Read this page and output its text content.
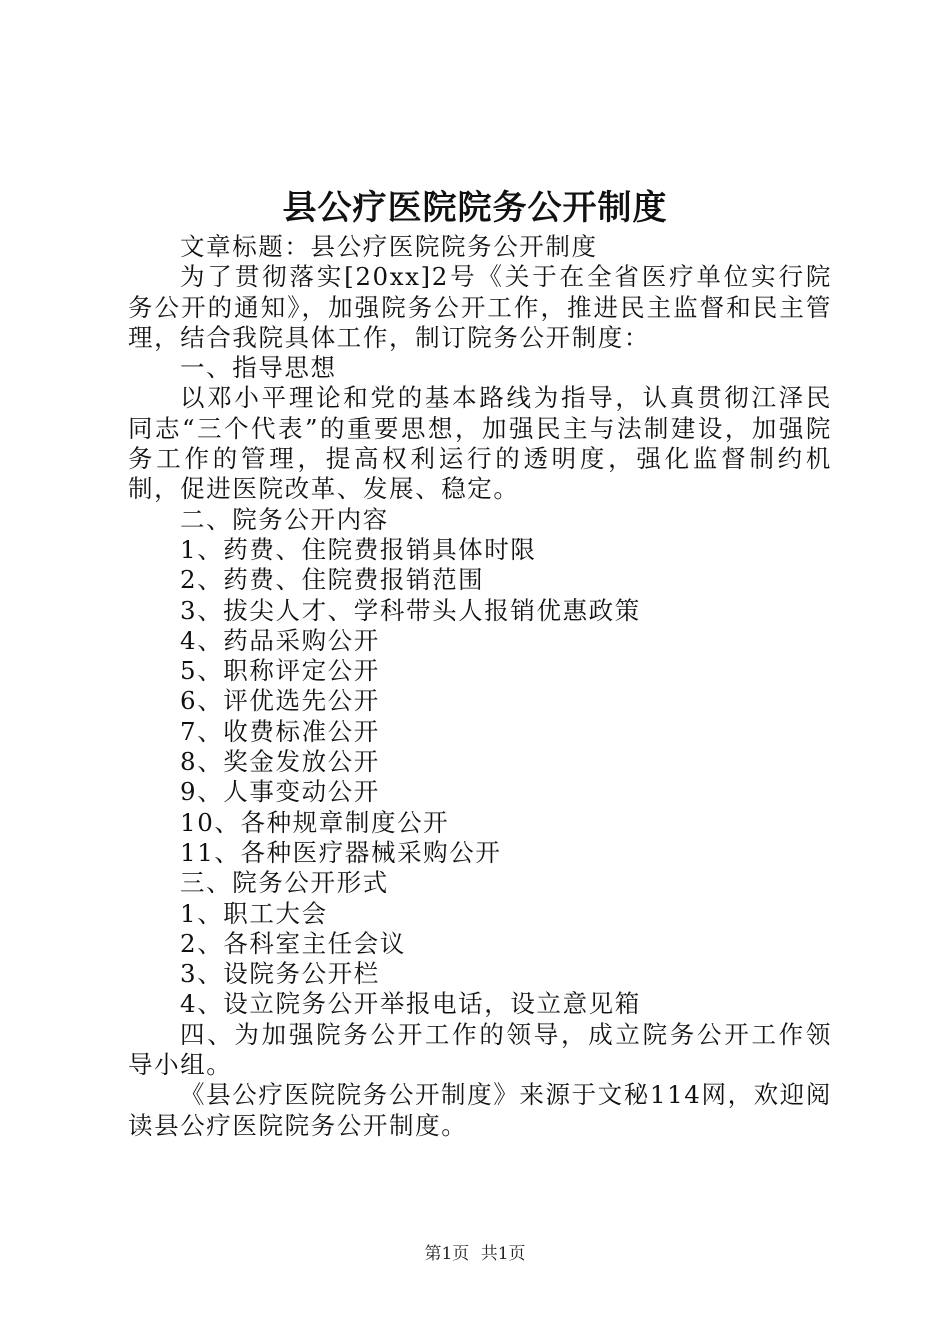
县公疗医院院务公开制度

文章标题：县公疗医院院务公开制度

为了贯彻落实[20xx]2号《关于在全省医疗单位实行院务公开的通知》，加强院务公开工作，推进民主监督和民主管理，结合我院具体工作，制订院务公开制度：

一、指导思想

以邓小平理论和党的基本路线为指导，认真贯彻江泽民同志“三个代表”的重要思想，加强民主与法制建设，加强院务工作的管理，提高权利运行的透明度，强化监督制约机制，促进医院改革、发展、稳定。

二、院务公开内容

1、药费、住院费报销具体时限

2、药费、住院费报销范围

3、拔尖人才、学科带头人报销优惠政策

4、药品采购公开

5、职称评定公开

6、评优选先公开

7、收费标准公开

8、奖金发放公开

9、人事变动公开

10、各种规章制度公开

11、各种医疗器械采购公开

三、院务公开形式

1、职工大会

2、各科室主任会议

3、设院务公开栏

4、设立院务公开举报电话，设立意见箱

四、为加强院务公开工作的领导，成立院务公开工作领导小组。

《县公疗医院院务公开制度》来源于文秘114网，欢迎阅读县公疗医院院务公开制度。

第1页 共1页
